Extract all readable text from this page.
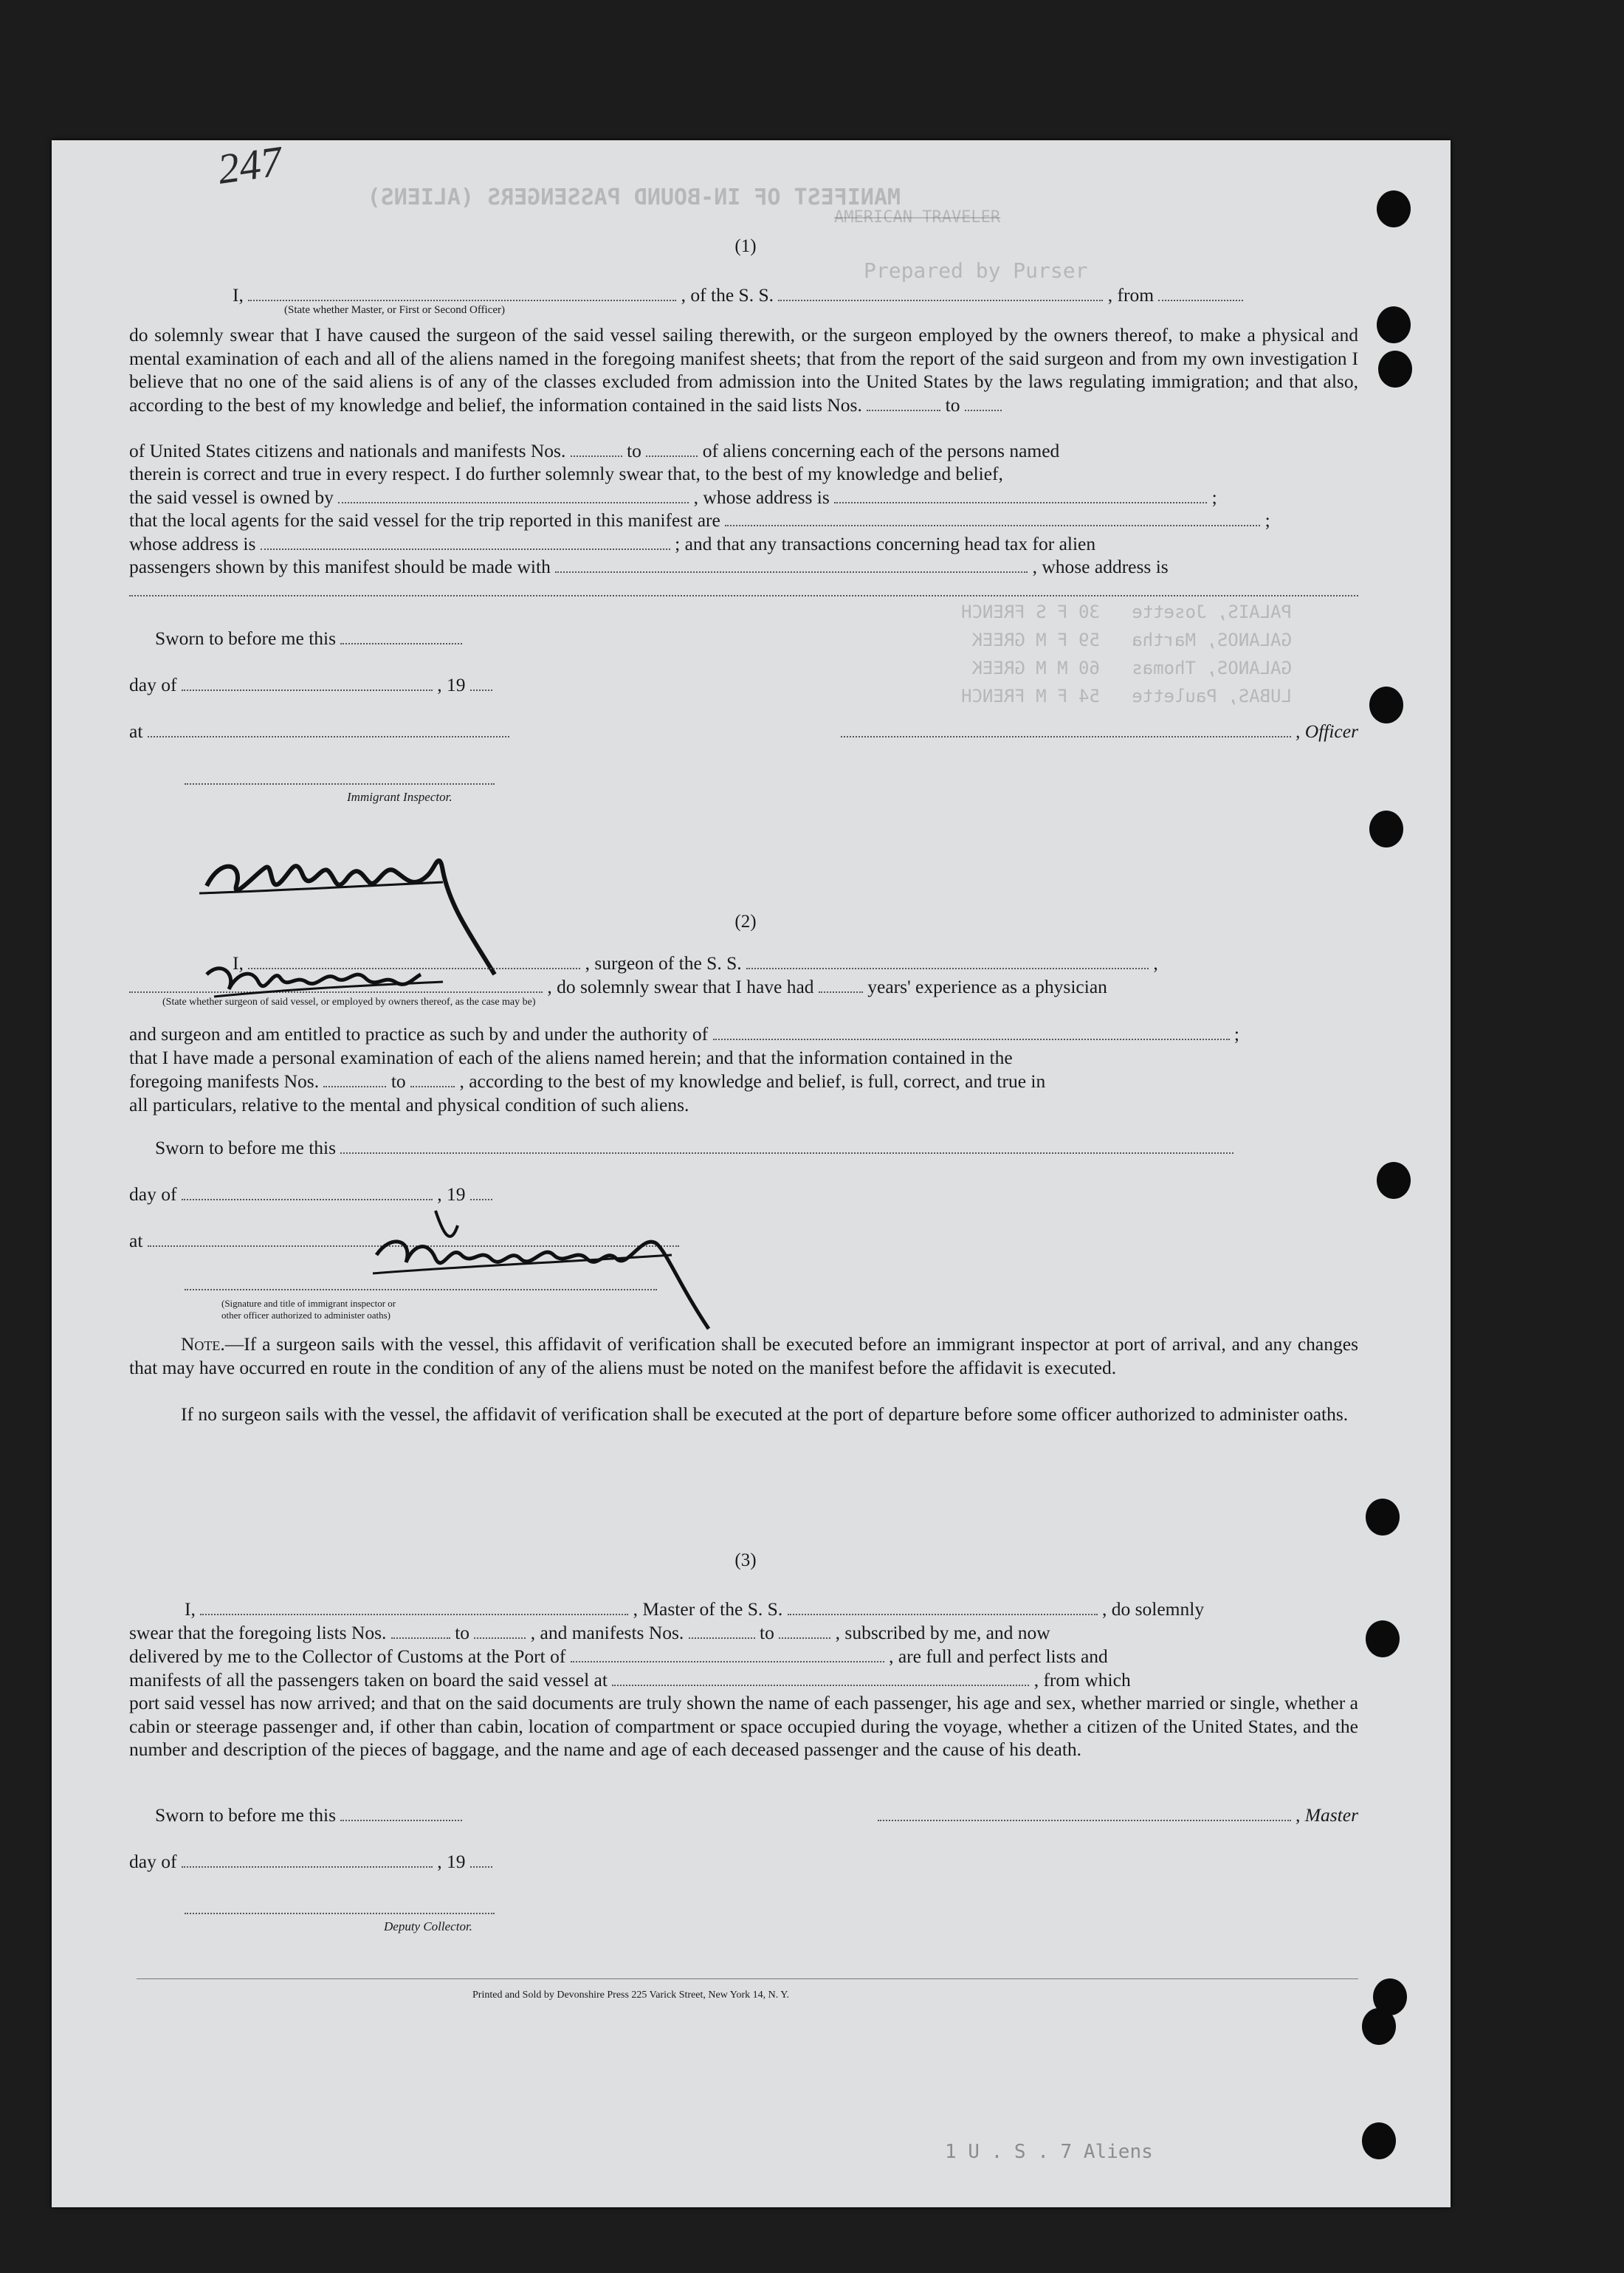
247
MANIFEST OF IN-BOUND PASSENGERS (ALIENS)
PALAIS, Josette   30 F S FRENCH
GALANOS, Martha   59 F M GREEK
GALANOS, Thomas   60 M M GREEK
LUBAS, Paulette   54 F M FRENCH
Prepared by Purser
AMERICAN TRAVELER
(1)
I,	, of the S. S.	, from
(State whether Master, or First or Second Officer)
do solemnly swear that I have caused the surgeon of the said vessel sailing therewith, or the surgeon employed by the owners thereof, to make a physical and mental examination of each and all of the aliens named in the foregoing manifest sheets; that from the report of the said surgeon and from my own investigation I believe that no one of the said aliens is of any of the classes excluded from admission into the United States by the laws regulating immigration; and that also, according to the best of my knowledge and belief, the information contained in the said lists Nos.	to
of United States citizens and nationals and manifests Nos.	to	of aliens concerning each of the persons named
therein is correct and true in every respect. I do further solemnly swear that, to the best of my knowledge and belief,
the said vessel is owned by	, whose address is	;
that the local agents for the said vessel for the trip reported in this manifest are	;
whose address is	; and that any transactions concerning head tax for alien
passengers shown by this manifest should be made with	, whose address is
Sworn to before me this
day of	, 19
at	, Officer
Immigrant Inspector.
(2)
I,	, surgeon of the S. S.	,
, do solemnly swear that I have had	years' experience as a physician
(State whether surgeon of said vessel, or employed by owners thereof, as the case may be)
and surgeon and am entitled to practice as such by and under the authority of	;
that I have made a personal examination of each of the aliens named herein; and that the information contained in the
foregoing manifests Nos.	to	, according to the best of my knowledge and belief, is full, correct, and true in
all particulars, relative to the mental and physical condition of such aliens.
Sworn to before me this
day of	, 19
at
(Signature and title of immigrant inspector or
other officer authorized to administer oaths)
Note.—If a surgeon sails with the vessel, this affidavit of verification shall be executed before an immigrant inspector at port of arrival, and any changes that may have occurred en route in the condition of any of the aliens must be noted on the manifest before the affidavit is executed.
If no surgeon sails with the vessel, the affidavit of verification shall be executed at the port of departure before some officer authorized to administer oaths.
(3)
I,	, Master of the S. S.	, do solemnly
swear that the foregoing lists Nos.	to	, and manifests Nos.	to	, subscribed by me, and now
delivered by me to the Collector of Customs at the Port of	, are full and perfect lists and
manifests of all the passengers taken on board the said vessel at	, from which
port said vessel has now arrived; and that on the said documents are truly shown the name of each passenger, his age and sex, whether married or single, whether a cabin or steerage passenger and, if other than cabin, location of compartment or space occupied during the voyage, whether a citizen of the United States, and the number and description of the pieces of baggage, and the name and age of each deceased passenger and the cause of his death.
Sworn to before me this	, Master
day of	, 19
Deputy Collector.
Printed and Sold by Devonshire Press 225 Varick Street, New York 14, N. Y.
1 U . S . 7 Aliens
